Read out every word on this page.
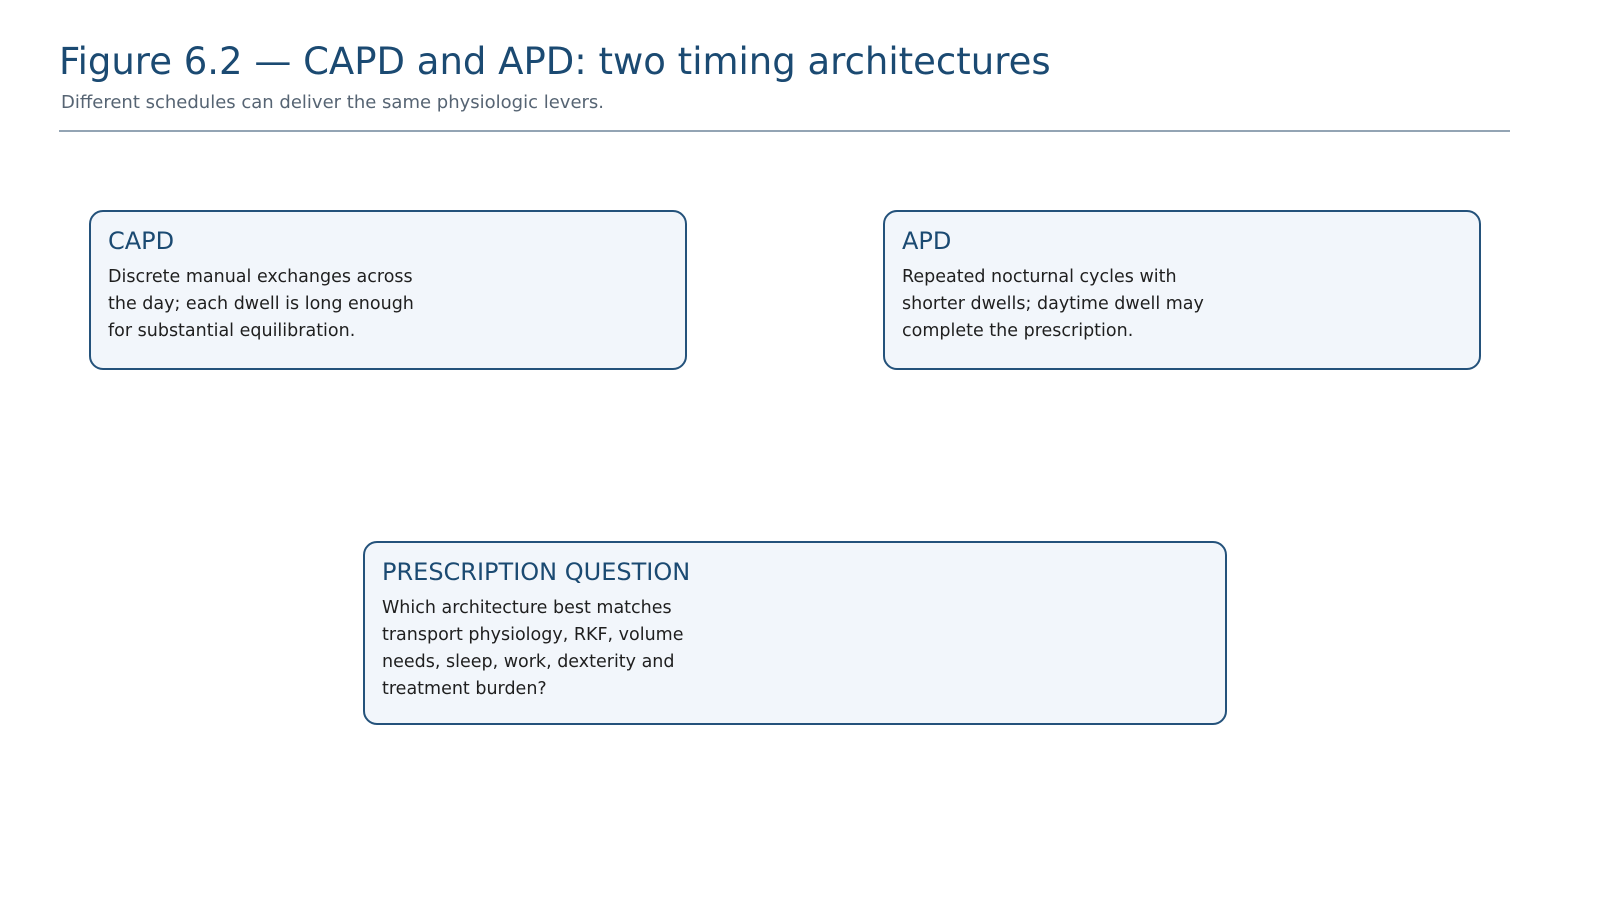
Figure 6.2 — CAPD and APD: two timing architectures

Different schedules can deliver the same physiologic levers.

CAPD
Discrete manual exchanges across
the day; each dwell is long enough
for substantial equilibration.
APD
Repeated nocturnal cycles with
shorter dwells; daytime dwell may
complete the prescription.
PRESCRIPTION QUESTION
Which architecture best matches
transport physiology, RKF, volume
needs, sleep, work, dexterity and
treatment burden?
